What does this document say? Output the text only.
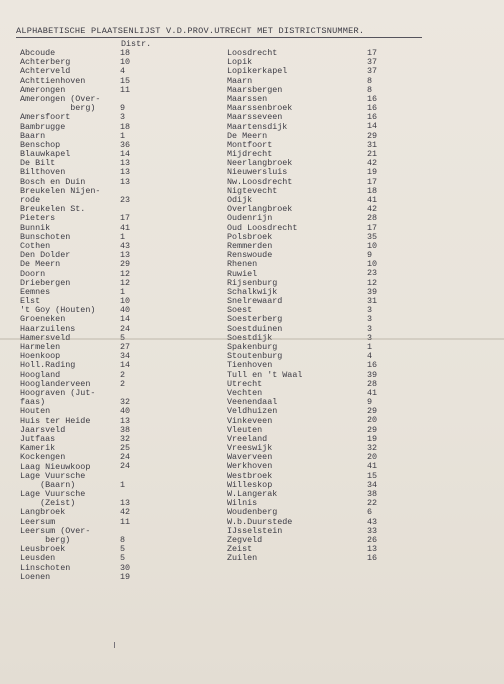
ALPHABETISCHE PLAATSENLIJST V.D.PROV.UTRECHT MET DISTRICTSNUMMER.
Distr.
Abcoude	18
Achterberg	10
Achterveld	4
Achttienhoven	15
Amerongen	11
Amerongen (Over-
berg)	9
Amersfoort	3
Bambrugge	18
Baarn	1
Benschop	36
Blauwkapel	14
De Bilt	13
Bilthoven	13
Bosch en Duin	13
Breukelen Nijen-
rode	23
Breukelen St.
Pieters	17
Bunnik	41
Bunschoten	1
Cothen	43
Den Dolder	13
De Meern	29
Doorn	12
Driebergen	12
Eemnes	1
Elst	10
't Goy (Houten)	40
Groeneken	14
Haarzuilens	24
Hamersveld	5
Harmelen	27
Hoenkoop	34
Holl.Rading	14
Hoogland	2
Hooglanderveen	2
Hoograven (Jut-
faas)	32
Houten	40
Huis ter Heide	13
Jaarsveld	38
Jutfaas	32
Kamerik	25
Kockengen	24
Laag Nieuwkoop	24
Lage Vuursche
(Baarn)	1
Lage Vuursche
(Zeist)	13
Langbroek	42
Leersum	11
Leersum (Over-
berg)	8
Leusbroek	5
Leusden	5
Linschoten	30
Loenen	19
Loosdrecht	17
Lopik	37
Lopikerkapel	37
Maarn	8
Maarsbergen	8
Maarssen	16
Maarssenbroek	16
Maarsseveen	16
Maartensdijk	14
De Meern	29
Montfoort	31
Mijdrecht	21
Neerlangbroek	42
Nieuwersluis	19
Nw.Loosdrecht	17
Nigtevecht	18
Odijk	41
Overlangbroek	42
Oudenrijn	28
Oud Loosdrecht	17
Polsbroek	35
Remmerden	10
Renswoude	9
Rhenen	10
Ruwiel	23
Rijsenburg	12
Schalkwijk	39
Snelrewaard	31
Soest	3
Soesterberg	3
Soestduinen	3
Soestdijk	3
Spakenburg	1
Stoutenburg	4
Tienhoven	16
Tull en 't Waal	39
Utrecht	28
Vechten	41
Veenendaal	9
Veldhuizen	29
Vinkeveen	20
Vleuten	29
Vreeland	19
Vreeswijk	32
Waverveen	20
Werkhoven	41
Westbroek	15
Willeskop	34
W.Langerak	38
Wilnis	22
Woudenberg	6
W.b.Duurstede	43
IJsselstein	33
Zegveld	26
Zeist	13
Zuilen	16
